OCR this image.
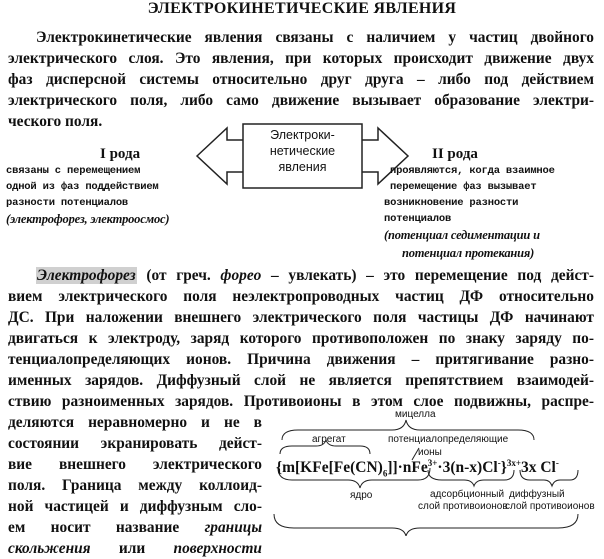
ЭЛЕКТРОКИНЕТИЧЕСКИЕ ЯВЛЕНИЯ
Электрокинетические явления связаны с наличием у частиц двойного
электрического слоя. Это явления, при которых происходит движение двух
фаз дисперсной системы относительно друг друга – либо под действием
электрического поля, либо само движение вызывает образование электри-
ческого поля.
Электроки-
нетические
явления
I рода
связаны с перемещением
одной из фаз поддействием
разности потенциалов
(электрофорез, электроосмос)
II рода
проявляются, когда взаимное
перемещение фаз вызывает
возникновение разности
потенциалов
(потенциал седиментации и
потенциал протекания)
Электрофорез (от греч. фореo – увлекать) – это перемещение под дейст-
вием электрического поля неэлектропроводных частиц ДФ относительно
ДС. При наложении внешнего электрического поля частицы ДФ начинают
двигаться к электроду, заряд которого противоположен по знаку заряду по-
тенциалопределяющих ионов. Причина движения – притягивание разно-
именных зарядов. Диффузный слой не является препятствием взаимодей-
ствию разноименных зарядов. Противоионы в этом слое подвижны, распре-
деляются неравномерно и не в
состоянии экранировать дейст-
вие внешнего электрического
поля. Граница между коллоид-
ной частицей и диффузным сло-
ем носит название границы
скольжения или поверхности
мицелла
агрегат	потенциалопределяющие
ионы
$\{m[KFe[Fe(CN)_6]]\cdot nFe^{3+}\cdot 3(n-x)Cl^-\}^{3x+}3x$ Cl-
ядро	адсорбционный
слой противоионов
диффузный
слой противоионов
